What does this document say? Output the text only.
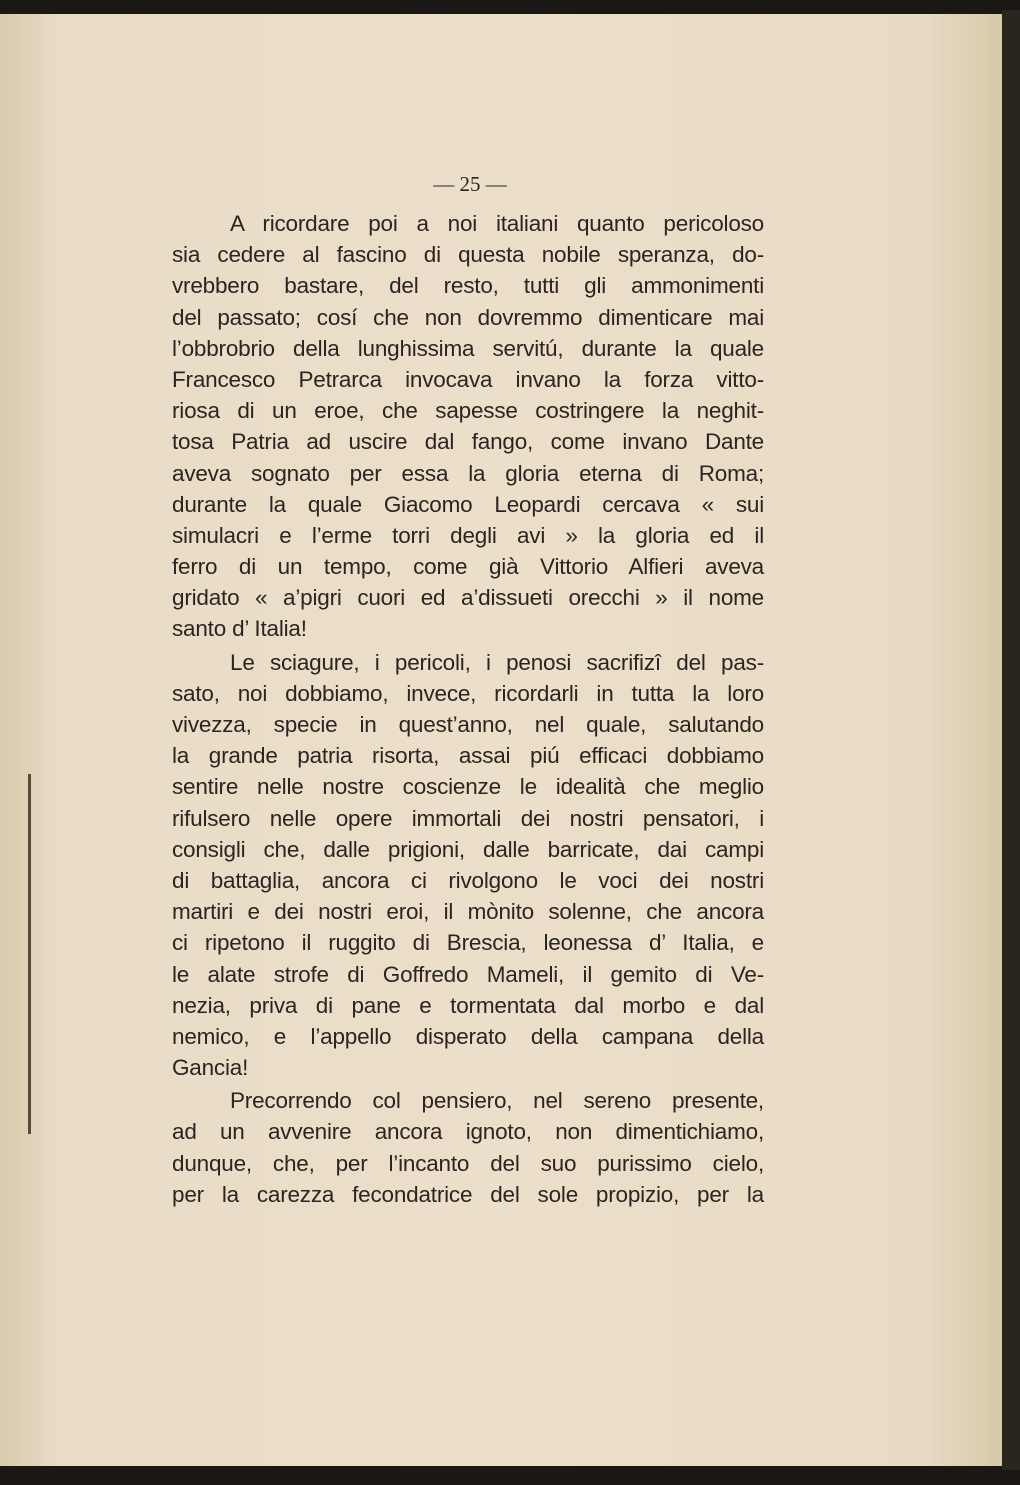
— 25 —
A ricordare poi a noi italiani quanto pericoloso
sia cedere al fascino di questa nobile speranza, do-
vrebbero bastare, del resto, tutti gli ammonimenti
del passato; cosí che non dovremmo dimenticare mai
l’obbrobrio della lunghissima servitú, durante la quale
Francesco Petrarca invocava invano la forza vitto-
riosa di un eroe, che sapesse costringere la neghit-
tosa Patria ad uscire dal fango, come invano Dante
aveva sognato per essa la gloria eterna di Roma;
durante la quale Giacomo Leopardi cercava « sui
simulacri e l’erme torri degli avi » la gloria ed il
ferro di un tempo, come già Vittorio Alfieri aveva
gridato « a’pigri cuori ed a’dissueti orecchi » il nome
santo d’ Italia!
Le sciagure, i pericoli, i penosi sacrifizî del pas-
sato, noi dobbiamo, invece, ricordarli in tutta la loro
vivezza, specie in quest’anno, nel quale, salutando
la grande patria risorta, assai piú efficaci dobbiamo
sentire nelle nostre coscienze le idealità che meglio
rifulsero nelle opere immortali dei nostri pensatori, i
consigli che, dalle prigioni, dalle barricate, dai campi
di battaglia, ancora ci rivolgono le voci dei nostri
martiri e dei nostri eroi, il mònito solenne, che ancora
ci ripetono il ruggito di Brescia, leonessa d’ Italia, e
le alate strofe di Goffredo Mameli, il gemito di Ve-
nezia, priva di pane e tormentata dal morbo e dal
nemico, e l’appello disperato della campana della
Gancia!
Precorrendo col pensiero, nel sereno presente,
ad un avvenire ancora ignoto, non dimentichiamo,
dunque, che, per l’incanto del suo purissimo cielo,
per la carezza fecondatrice del sole propizio, per la
